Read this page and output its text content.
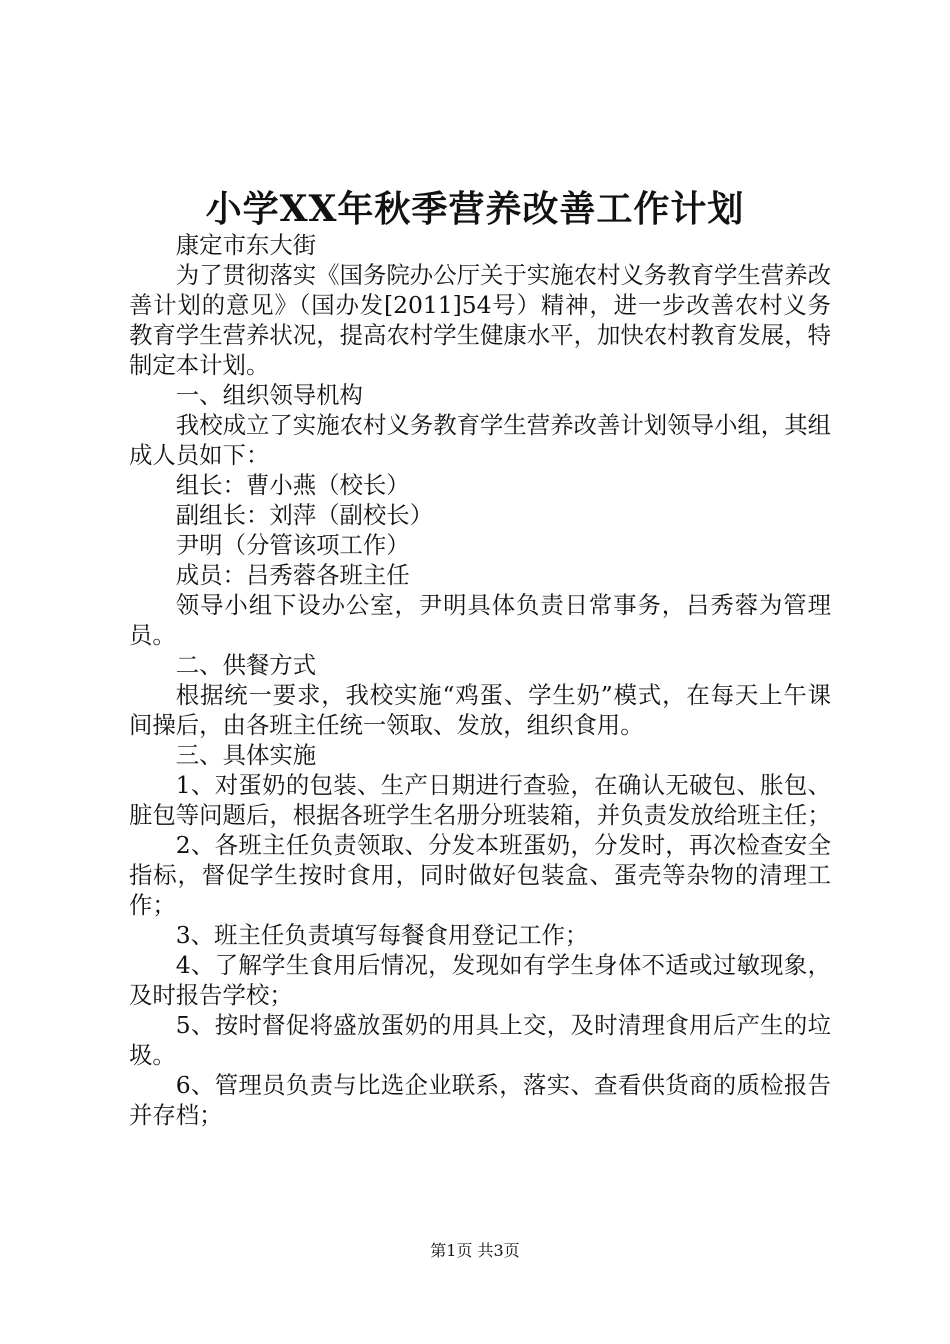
小学XX年秋季营养改善工作计划

康定市东大街

为了贯彻落实《国务院办公厅关于实施农村义务教育学生营养改善计划的意见》（国办发[2011]54号）精神，进一步改善农村义务教育学生营养状况，提高农村学生健康水平，加快农村教育发展，特制定本计划。

一、组织领导机构

我校成立了实施农村义务教育学生营养改善计划领导小组，其组成人员如下：

组长：曹小燕（校长）

副组长：刘萍（副校长）

尹明（分管该项工作）

成员：吕秀蓉各班主任

领导小组下设办公室，尹明具体负责日常事务，吕秀蓉为管理员。

二、供餐方式

根据统一要求，我校实施“鸡蛋、学生奶”模式，在每天上午课间操后，由各班主任统一领取、发放，组织食用。

三、具体实施

1、对蛋奶的包装、生产日期进行查验，在确认无破包、胀包、脏包等问题后，根据各班学生名册分班装箱，并负责发放给班主任；

2、各班主任负责领取、分发本班蛋奶，分发时，再次检查安全指标，督促学生按时食用，同时做好包装盒、蛋壳等杂物的清理工作；

3、班主任负责填写每餐食用登记工作；

4、了解学生食用后情况，发现如有学生身体不适或过敏现象，及时报告学校；

5、按时督促将盛放蛋奶的用具上交，及时清理食用后产生的垃圾。

6、管理员负责与比选企业联系，落实、查看供货商的质检报告并存档；

第1页 共3页
